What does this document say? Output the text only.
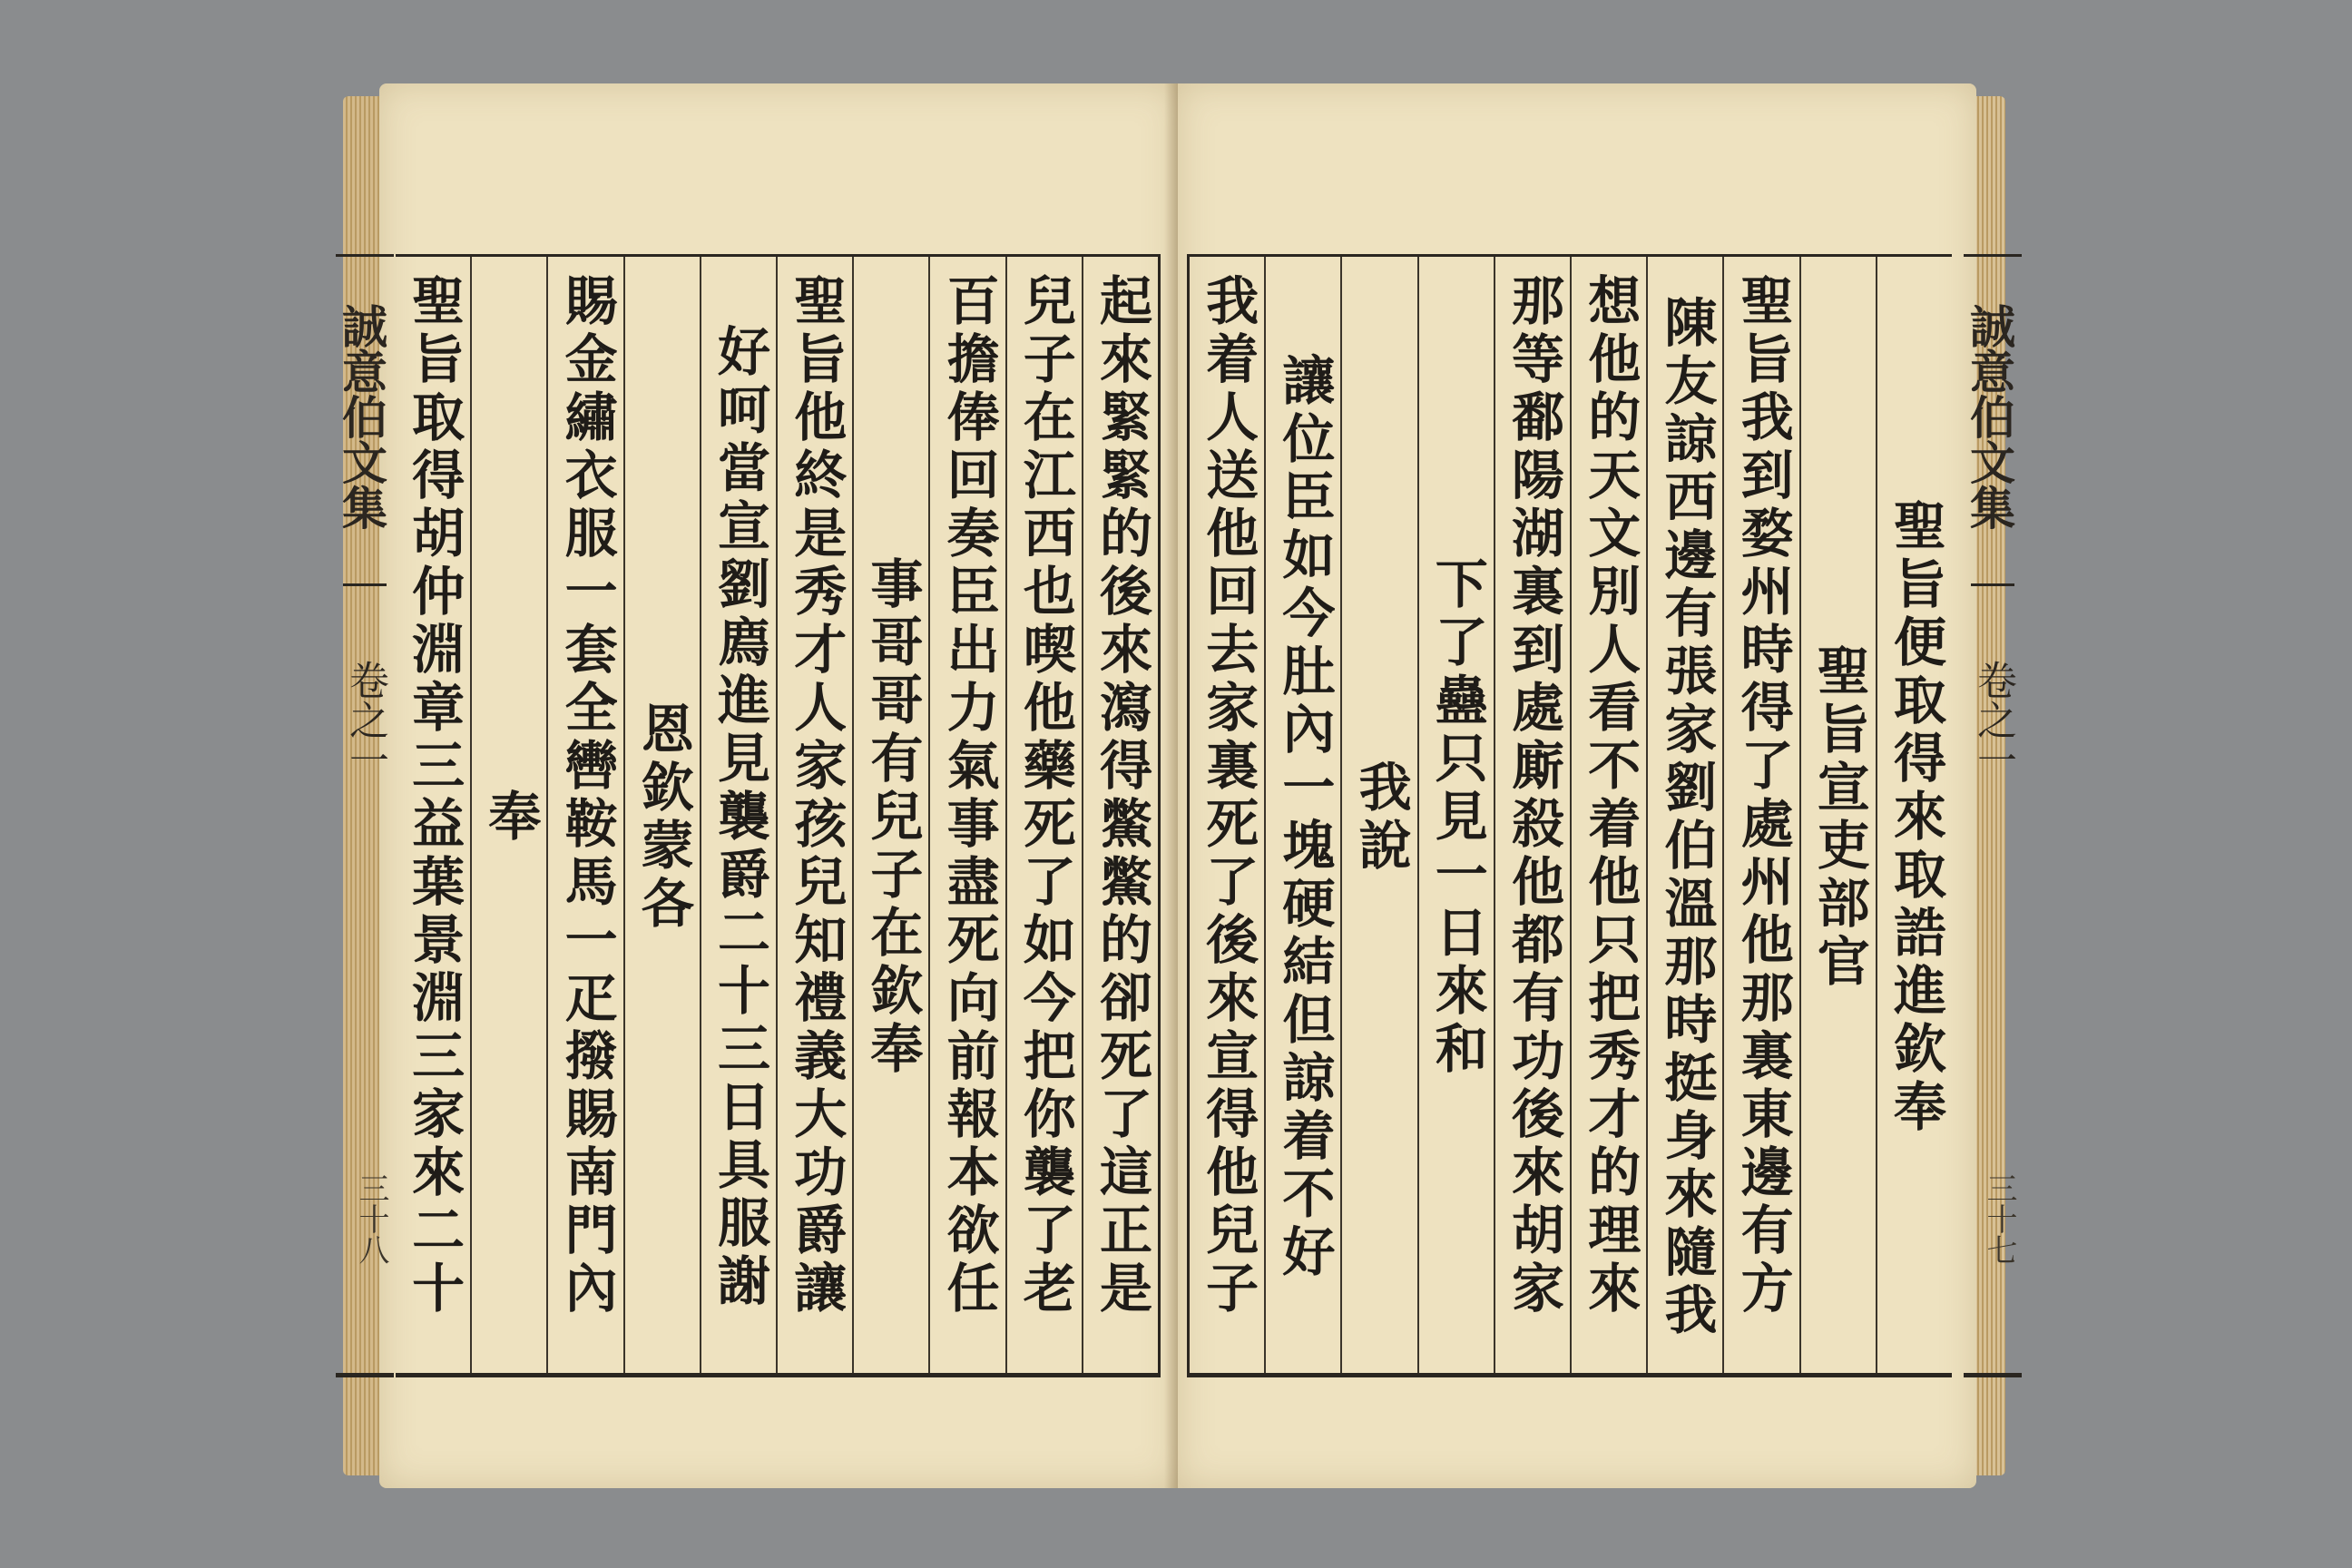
起來緊緊的後來瀉得鱉鱉的卻死了這正是
兒子在江西也喫他藥死了如今把你襲了老
百擔俸回奏臣出力氣事盡死向前報本欲任
事哥哥有兒子在欽奉
聖旨他終是秀才人家孩兒知禮義大功爵讓
好呵當宣劉廌進見襲爵二十三日具服謝
恩欽蒙各
賜金繡衣服一套全轡鞍馬一疋撥賜南門內
奉
聖旨取得胡仲淵章三益葉景淵三家來二十
誠意伯文集
卷之一
三十八
聖旨便取得來取誥進欽奉
聖旨宣吏部官
聖旨我到婺州時得了處州他那裏東邊有方
陳友諒西邊有張家劉伯溫那時挺身來隨我
想他的天文別人看不着他只把秀才的理來
那等鄱陽湖裏到處廝殺他都有功後來胡家
下了蠱只見一日來和
我說
讓位臣如今肚內一塊硬結但諒着不好
我着人送他回去家裏死了後來宣得他兒子
誠意伯文集
卷之一
三十七
